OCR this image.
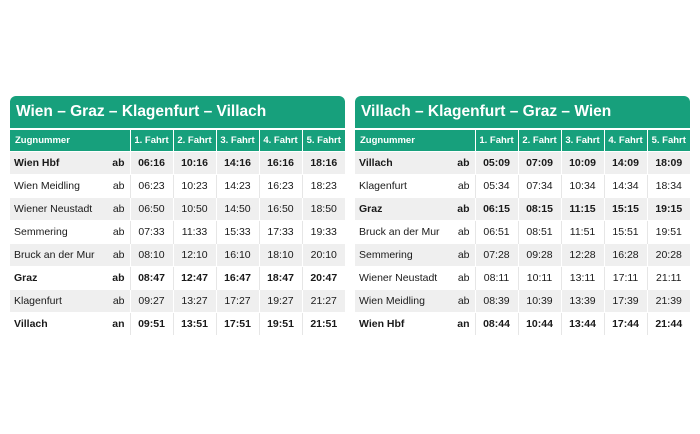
Wien – Graz – Klagenfurt – Villach
Zugnummer		1. Fahrt	2. Fahrt	3. Fahrt	4. Fahrt	5. Fahrt
Wien Hbf	ab	06:16	10:16	14:16	16:16	18:16
Wien Meidling	ab	06:23	10:23	14:23	16:23	18:23
Wiener Neustadt	ab	06:50	10:50	14:50	16:50	18:50
Semmering	ab	07:33	11:33	15:33	17:33	19:33
Bruck an der Mur	ab	08:10	12:10	16:10	18:10	20:10
Graz	ab	08:47	12:47	16:47	18:47	20:47
Klagenfurt	ab	09:27	13:27	17:27	19:27	21:27
Villach	an	09:51	13:51	17:51	19:51	21:51
Villach – Klagenfurt – Graz – Wien
Zugnummer		1. Fahrt	2. Fahrt	3. Fahrt	4. Fahrt	5. Fahrt
Villach	ab	05:09	07:09	10:09	14:09	18:09
Klagenfurt	ab	05:34	07:34	10:34	14:34	18:34
Graz	ab	06:15	08:15	11:15	15:15	19:15
Bruck an der Mur	ab	06:51	08:51	11:51	15:51	19:51
Semmering	ab	07:28	09:28	12:28	16:28	20:28
Wiener Neustadt	ab	08:11	10:11	13:11	17:11	21:11
Wien Meidling	ab	08:39	10:39	13:39	17:39	21:39
Wien Hbf	an	08:44	10:44	13:44	17:44	21:44
